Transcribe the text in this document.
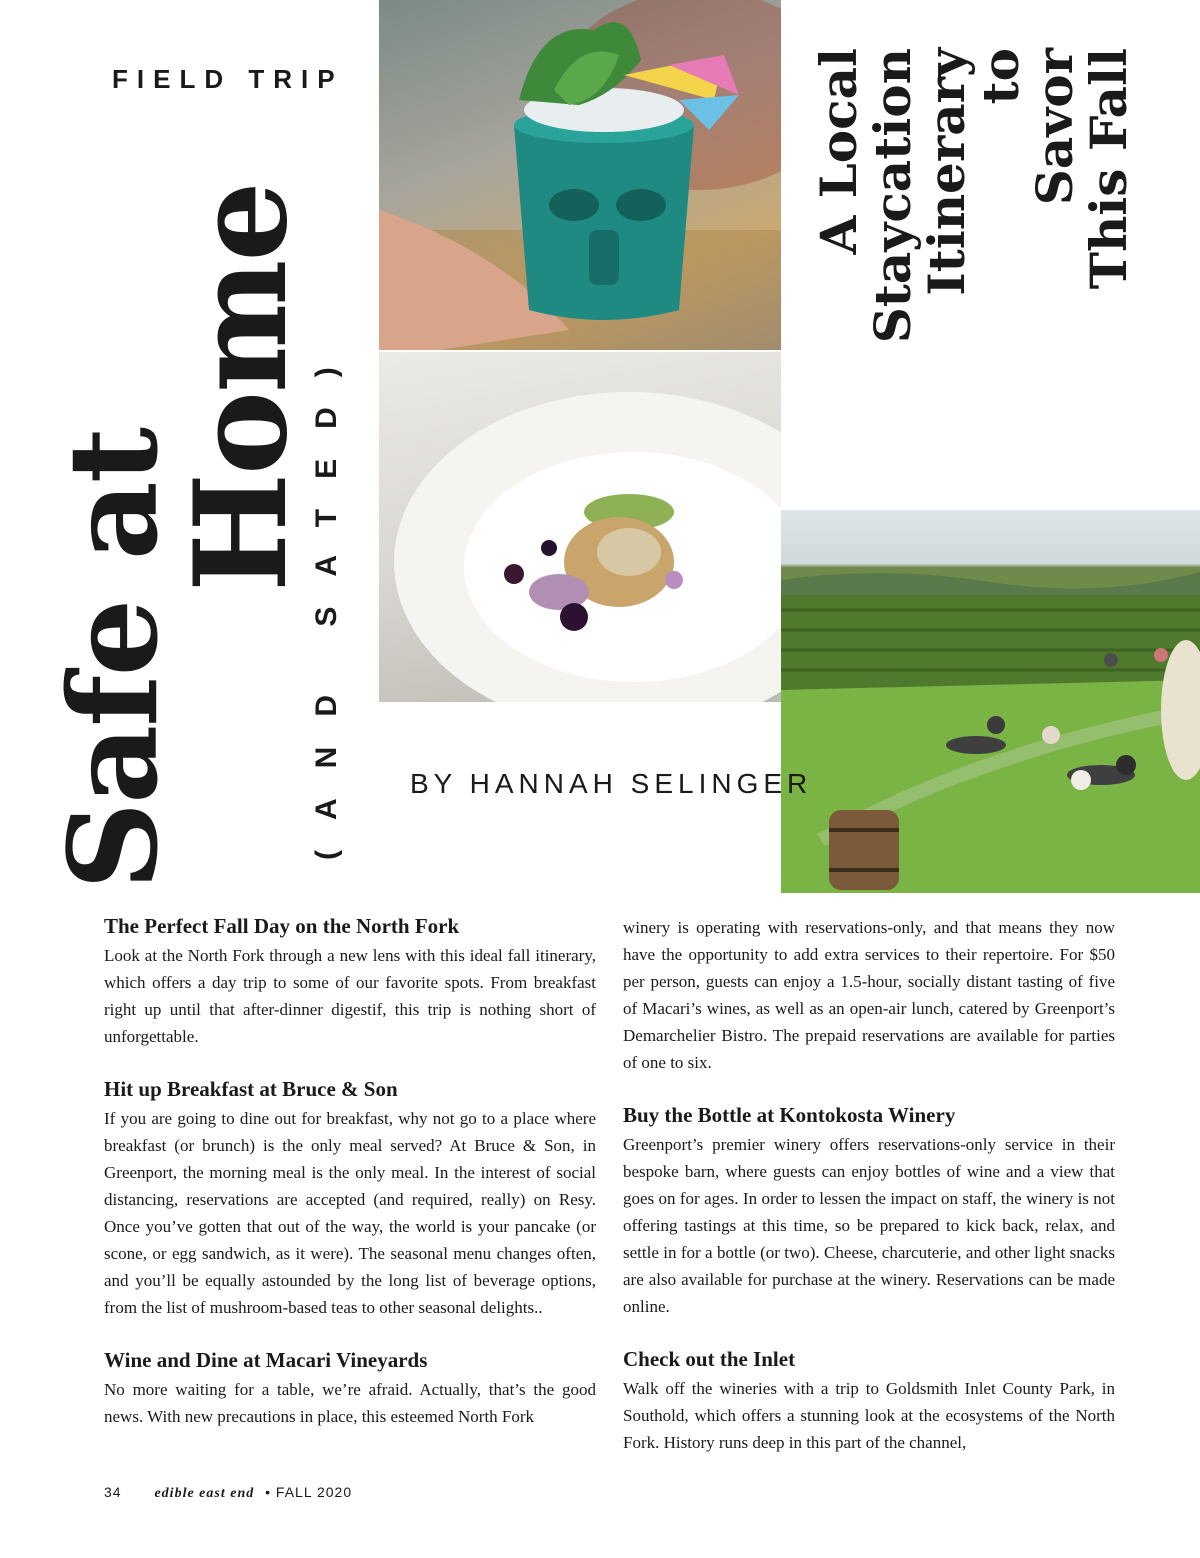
FIELD TRIP
Safe at
Home
(AND SATED)
A Local
Staycation
Itinerary
to
Savor
This Fall
BY HANNAH SELINGER
The Perfect Fall Day on the North Fork

Look at the North Fork through a new lens with this ideal fall itinerary, which offers a day trip to some of our favorite spots. From breakfast right up until that after-dinner digestif, this trip is nothing short of unforgettable.

Hit up Breakfast at Bruce & Son

If you are going to dine out for breakfast, why not go to a place where breakfast (or brunch) is the only meal served? At Bruce & Son, in Greenport, the morning meal is the only meal. In the interest of social distancing, reservations are accepted (and required, really) on Resy. Once you’ve gotten that out of the way, the world is your pancake (or scone, or egg sandwich, as it were). The seasonal menu changes often, and you’ll be equally astounded by the long list of beverage options, from the list of mushroom-based teas to other seasonal delights..

Wine and Dine at Macari Vineyards

No more waiting for a table, we’re afraid. Actually, that’s the good news. With new precautions in place, this esteemed North Fork

winery is operating with reservations-only, and that means they now have the opportunity to add extra services to their repertoire. For $50 per person, guests can enjoy a 1.5-hour, socially distant tasting of five of Macari’s wines, as well as an open-air lunch, catered by Greenport’s Demarchelier Bistro. The prepaid reservations are available for parties of one to six.

Buy the Bottle at Kontokosta Winery

Greenport’s premier winery offers reservations-only service in their bespoke barn, where guests can enjoy bottles of wine and a view that goes on for ages. In order to lessen the impact on staff, the winery is not offering tastings at this time, so be prepared to kick back, relax, and settle in for a bottle (or two). Cheese, charcuterie, and other light snacks are also available for purchase at the winery. Reservations can be made online.

Check out the Inlet

Walk off the wineries with a trip to Goldsmith Inlet County Park, in Southold, which offers a stunning look at the ecosystems of the North Fork. History runs deep in this part of the channel,

34 edible east end • FALL 2020
